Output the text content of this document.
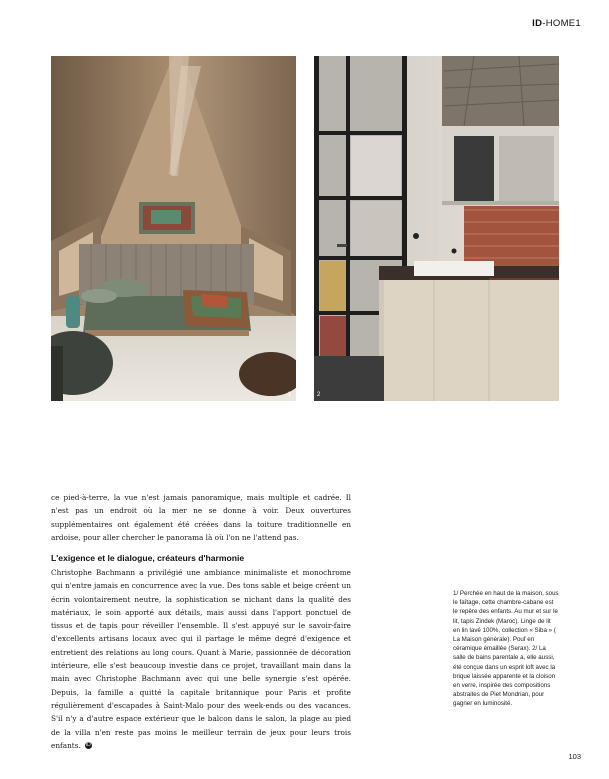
ID-HOME1
1	2

ce pied-à-terre, la vue n'est jamais panoramique, mais multiple et cadrée. Il n'est pas un endroit où la mer ne se donne à voir. Deux ouvertures supplémentaires ont également été créées dans la toiture traditionnelle en ardoise, pour aller chercher le panorama là où l'on ne l'attend pas.

L'exigence et le dialogue, créateurs d'harmonie

Christophe Bachmann a privilégié une ambiance minimaliste et monochrome qui n'entre jamais en concurrence avec la vue. Des tons sable et beige créent un écrin volontairement neutre, la sophistication se nichant dans la qualité des matériaux, le soin apporté aux détails, mais aussi dans l'apport ponctuel de tissus et de tapis pour réveiller l'ensemble. Il s'est appuyé sur le savoir-faire d'excellents artisans locaux avec qui il partage le même degré d'exigence et entretient des relations au long cours. Quant à Marie, passionnée de décoration intérieure, elle s'est beaucoup investie dans ce projet, travaillant main dans la main avec Christophe Bachmann avec qui une belle synergie s'est opérée. Depuis, la famille a quitté la capitale britannique pour Paris et profite régulièrement d'escapades à Saint-Malo pour des week-ends ou des vacances. S'il n'y a d'autre espace extérieur que le balcon dans le salon, la plage au pied de la villa n'en reste pas moins le meilleur terrain de jeux pour leurs trois enfants. ID

1/ Perchée en haut de la maison, sous le faîtage, cette chambre-cabane est le repère des enfants. Au mur et sur le lit, tapis Zindek (Maroc). Linge de lit en lin lavé 100%, collection « Siba » ( La Maison générale). Pouf en céramique émaillée (Serax). 2/ La salle de bains parentale a, elle aussi, été conçue dans un esprit loft avec la brique laissée apparente et la cloison en verre, inspirée des compositions abstraites de Piet Mondrian, pour gagner en luminosité.
103
